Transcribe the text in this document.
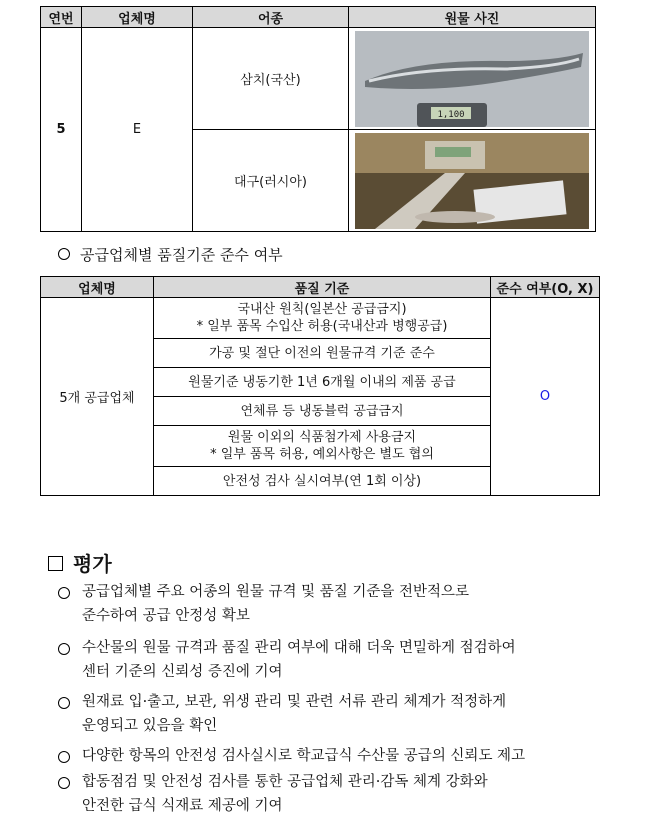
연번	업체명	어종	원물 사진
5	E	삼치(국산)	1,100

		대구(러시아)	
공급업체별 품질기준 준수 여부
업체명	품질 기준	준수 여부(O, X)
5개 공급업체	국내산 원칙(일본산 공급금지)
* 일부 품목 수입산 허용(국내산과 병행공급)	O
	가공 및 절단 이전의 원물규격 기준 준수	
	원물기준 냉동기한 1년 6개월 이내의 제품 공급	
	연체류 등 냉동블럭 공급금지	
	원물 이외의 식품첨가제 사용금지
* 일부 품목 허용, 예외사항은 별도 협의	
	안전성 검사 실시여부(연 1회 이상)	
평가
공급업체별 주요 어종의 원물 규격 및 품질 기준을 전반적으로
준수하여 공급 안정성 확보
수산물의 원물 규격과 품질 관리 여부에 대해 더욱 면밀하게 점검하여
센터 기준의 신뢰성 증진에 기여
원재료 입·출고, 보관, 위생 관리 및 관련 서류 관리 체계가 적정하게
운영되고 있음을 확인
다양한 항목의 안전성 검사실시로 학교급식 수산물 공급의 신뢰도 제고
합동점검 및 안전성 검사를 통한 공급업체 관리·감독 체계 강화와
안전한 급식 식재료 제공에 기여
